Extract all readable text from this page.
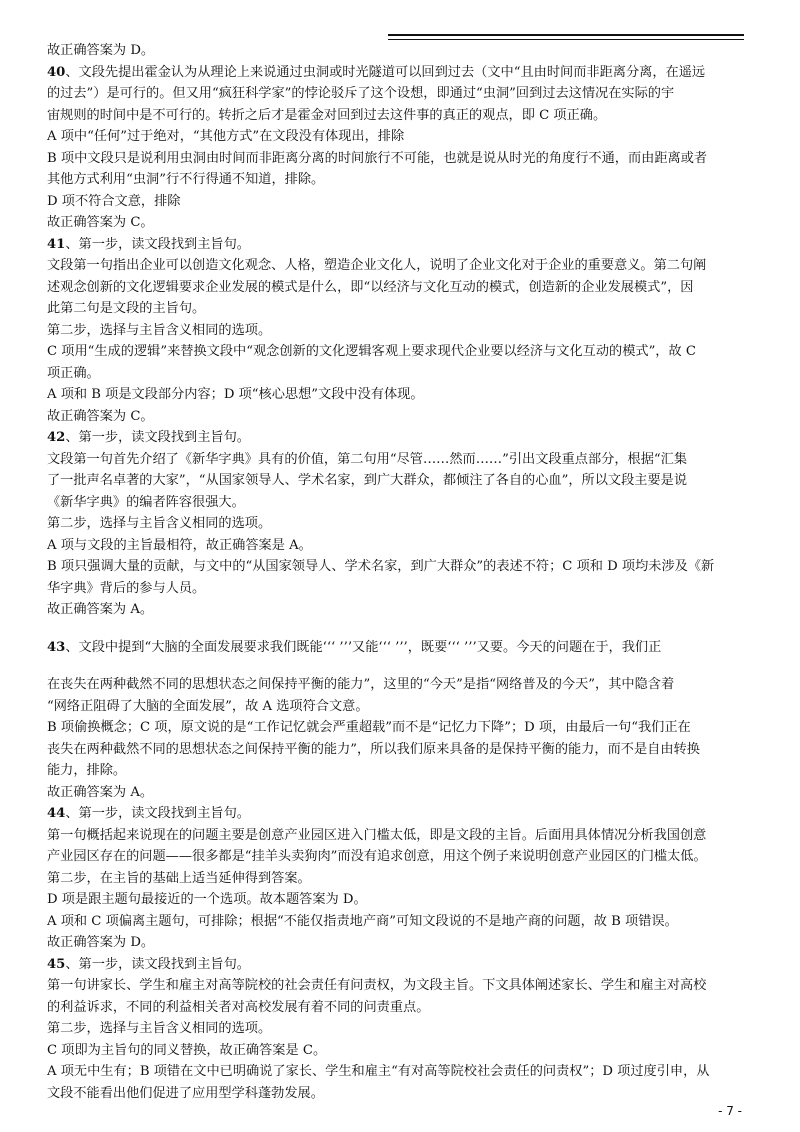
故正确答案为 D。
40、文段先提出霍金认为从理论上来说通过虫洞或时光隧道可以回到过去（文中“且由时间而非距离分离，在遥远
的过去”）是可行的。但又用“疯狂科学家”的悖论驳斥了这个设想，即通过“虫洞”回到过去这情况在实际的宇
宙规则的时间中是不可行的。转折之后才是霍金对回到过去这件事的真正的观点，即 C 项正确。
A 项中“任何”过于绝对，“其他方式”在文段没有体现出，排除
B 项中文段只是说利用虫洞由时间而非距离分离的时间旅行不可能，也就是说从时光的角度行不通，而由距离或者
其他方式利用“虫洞”行不行得通不知道，排除。
D 项不符合文意，排除
故正确答案为 C。
41、第一步，读文段找到主旨句。
文段第一句指出企业可以创造文化观念、人格，塑造企业文化人，说明了企业文化对于企业的重要意义。第二句阐
述观念创新的文化逻辑要求企业发展的模式是什么，即“以经济与文化互动的模式，创造新的企业发展模式”，因
此第二句是文段的主旨句。
第二步，选择与主旨含义相同的选项。
C 项用“生成的逻辑”来替换文段中“观念创新的文化逻辑客观上要求现代企业要以经济与文化互动的模式”，故 C
项正确。
A 项和 B 项是文段部分内容；D 项“核心思想”文段中没有体现。
故正确答案为 C。
42、第一步，读文段找到主旨句。
文段第一句首先介绍了《新华字典》具有的价值，第二句用“尽管……然而……”引出文段重点部分，根据“汇集
了一批声名卓著的大家”，“从国家领导人、学术名家，到广大群众，都倾注了各自的心血”，所以文段主要是说
《新华字典》的编者阵容很强大。
第二步，选择与主旨含义相同的选项。
A 项与文段的主旨最相符，故正确答案是 A。
B 项只强调大量的贡献，与文中的“从国家领导人、学术名家，到广大群众”的表述不符；C 项和 D 项均未涉及《新
华字典》背后的参与人员。
故正确答案为 A。
43、文段中提到“大脑的全面发展要求我们既能‘‘‘ ’’’又能‘‘‘ ’’’，既要‘‘‘ ’’’又要。今天的问题在于，我们正
在丧失在两种截然不同的思想状态之间保持平衡的能力”，这里的“今天”是指“网络普及的今天”，其中隐含着
“网络正阻碍了大脑的全面发展”，故 A 选项符合文意。
B 项偷换概念；C 项，原文说的是“工作记忆就会严重超载”而不是“记忆力下降”；D 项，由最后一句“我们正在
丧失在两种截然不同的思想状态之间保持平衡的能力”，所以我们原来具备的是保持平衡的能力，而不是自由转换
能力，排除。
故正确答案为 A。
44、第一步，读文段找到主旨句。
第一句概括起来说现在的问题主要是创意产业园区进入门槛太低，即是文段的主旨。后面用具体情况分析我国创意
产业园区存在的问题——很多都是“挂羊头卖狗肉”而没有追求创意，用这个例子来说明创意产业园区的门槛太低。
第二步，在主旨的基础上适当延伸得到答案。
D 项是跟主题句最接近的一个选项。故本题答案为 D。
A 项和 C 项偏离主题句，可排除；根据“不能仅指责地产商”可知文段说的不是地产商的问题，故 B 项错误。
故正确答案为 D。
45、第一步，读文段找到主旨句。
第一句讲家长、学生和雇主对高等院校的社会责任有问责权，为文段主旨。下文具体阐述家长、学生和雇主对高校
的利益诉求，不同的利益相关者对高校发展有着不同的问责重点。
第二步，选择与主旨含义相同的选项。
C 项即为主旨句的同义替换，故正确答案是 C。
A 项无中生有；B 项错在文中已明确说了家长、学生和雇主“有对高等院校社会责任的问责权”；D 项过度引申，从
文段不能看出他们促进了应用型学科蓬勃发展。
- 7 -
